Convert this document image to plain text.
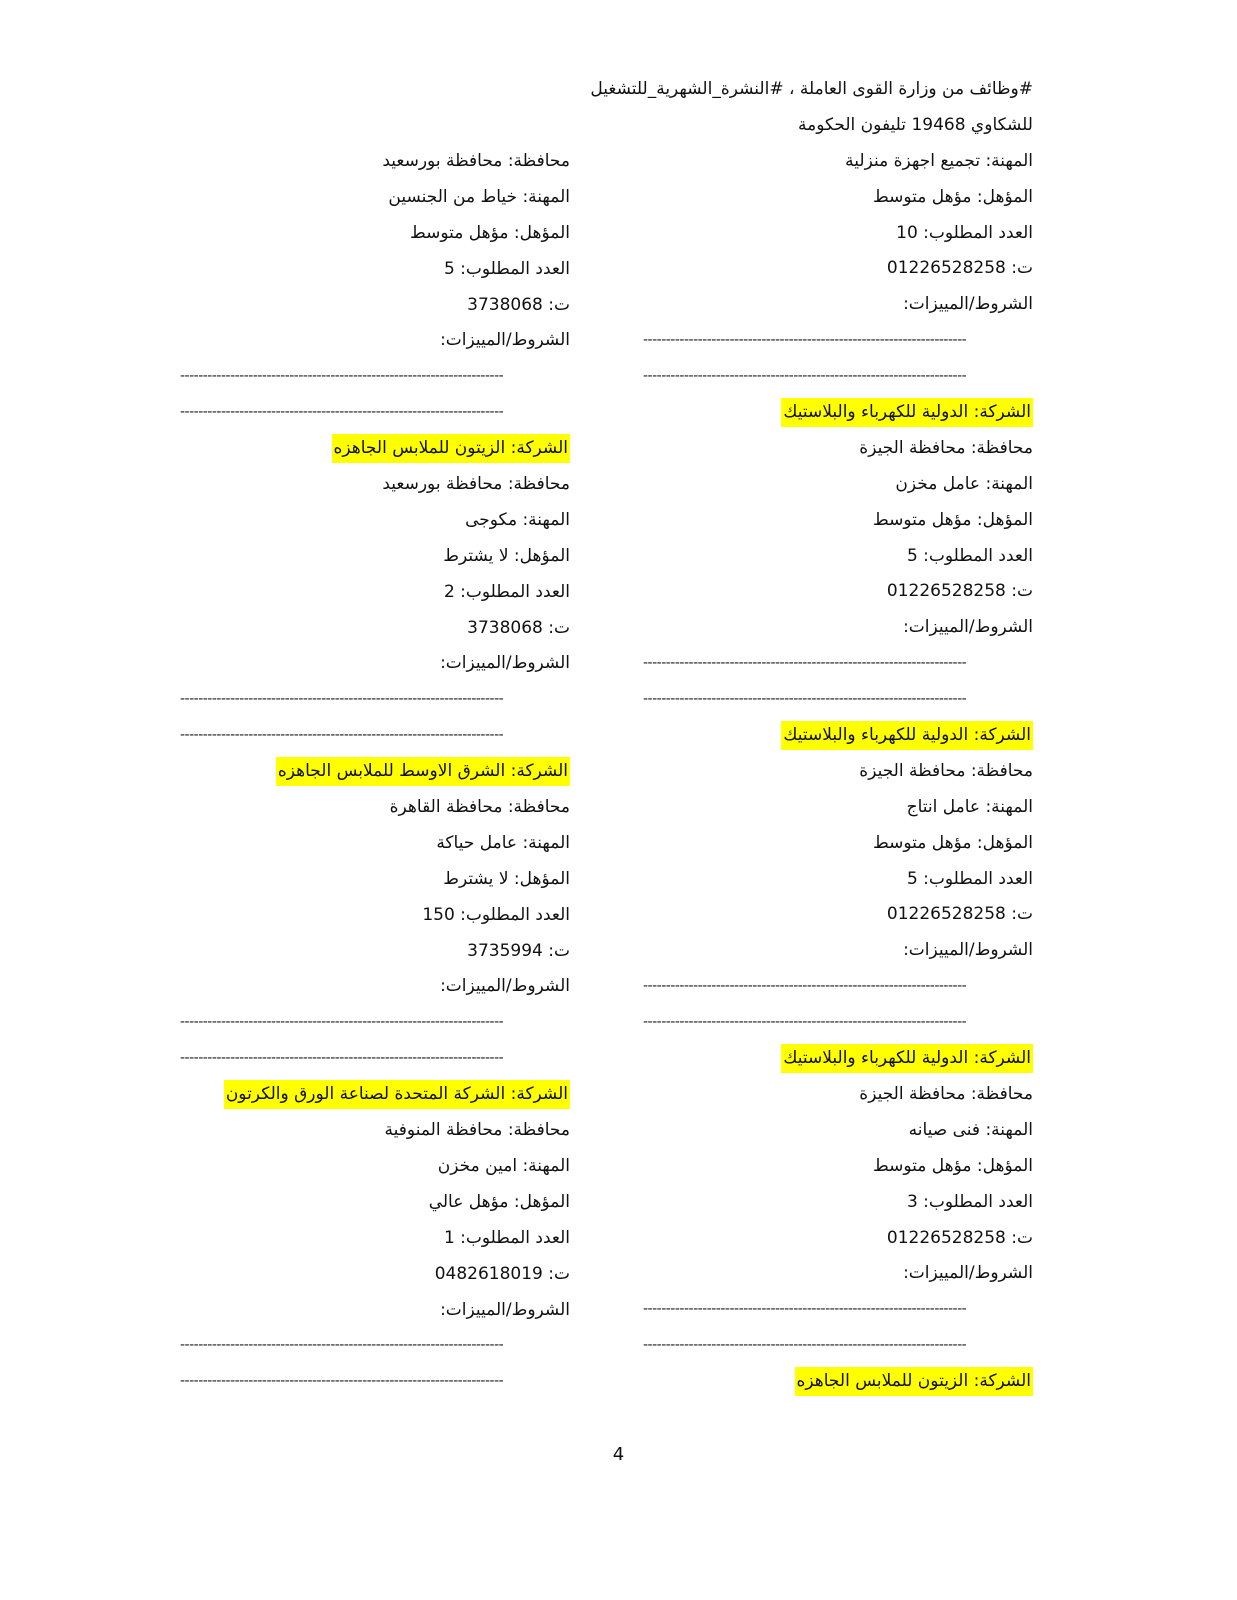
#وظائف من وزارة القوى العاملة ، #النشرة_الشهرية_للتشغيل
للشكاوي 19468 تليفون الحكومة
المهنة: تجميع اجهزة منزلية
المؤهل: مؤهل متوسط
العدد المطلوب: 10
ت: 01226528258
الشروط/المييزات:
-----------------------------------------------------------------------
-----------------------------------------------------------------------
الشركة: الدولية للكهرباء والبلاستيك
محافظة: محافظة الجيزة
المهنة: عامل مخزن
المؤهل: مؤهل متوسط
العدد المطلوب: 5
ت: 01226528258
الشروط/المييزات:
-----------------------------------------------------------------------
-----------------------------------------------------------------------
الشركة: الدولية للكهرباء والبلاستيك
محافظة: محافظة الجيزة
المهنة: عامل انتاج
المؤهل: مؤهل متوسط
العدد المطلوب: 5
ت: 01226528258
الشروط/المييزات:
-----------------------------------------------------------------------
-----------------------------------------------------------------------
الشركة: الدولية للكهرباء والبلاستيك
محافظة: محافظة الجيزة
المهنة: فنى صيانه
المؤهل: مؤهل متوسط
العدد المطلوب: 3
ت: 01226528258
الشروط/المييزات:
-----------------------------------------------------------------------
-----------------------------------------------------------------------
الشركة: الزيتون للملابس الجاهزه
محافظة: محافظة بورسعيد
المهنة: خياط من الجنسين
المؤهل: مؤهل متوسط
العدد المطلوب: 5
ت: 3738068
الشروط/المييزات:
-----------------------------------------------------------------------
-----------------------------------------------------------------------
الشركة: الزيتون للملابس الجاهزه
محافظة: محافظة بورسعيد
المهنة: مكوجى
المؤهل: لا يشترط
العدد المطلوب: 2
ت: 3738068
الشروط/المييزات:
-----------------------------------------------------------------------
-----------------------------------------------------------------------
الشركة: الشرق الاوسط للملابس الجاهزه
محافظة: محافظة القاهرة
المهنة: عامل حياكة
المؤهل: لا يشترط
العدد المطلوب: 150
ت: 3735994
الشروط/المييزات:
-----------------------------------------------------------------------
-----------------------------------------------------------------------
الشركة: الشركة المتحدة لصناعة الورق والكرتون
محافظة: محافظة المنوفية
المهنة: امين مخزن
المؤهل: مؤهل عالي
العدد المطلوب: 1
ت: 0482618019
الشروط/المييزات:
-----------------------------------------------------------------------
-----------------------------------------------------------------------
4
